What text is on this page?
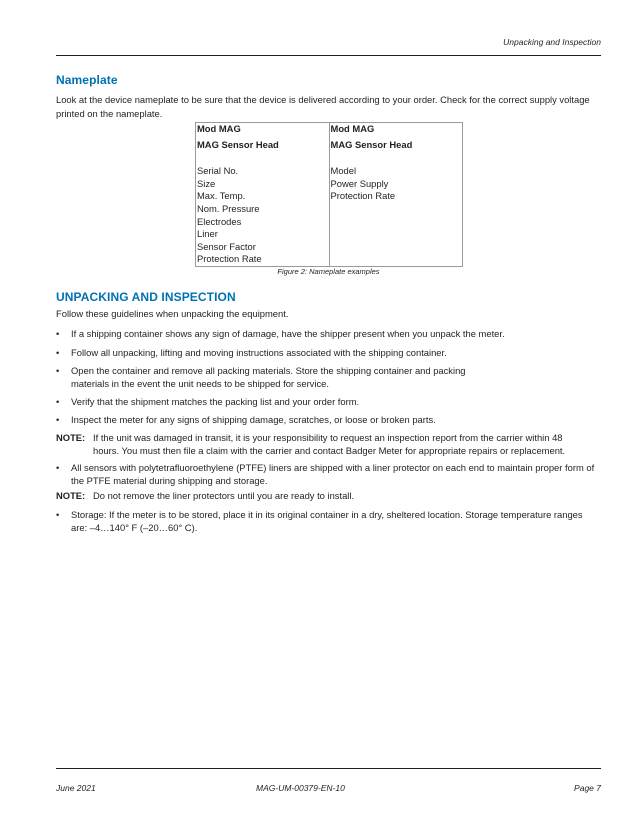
Unpacking and Inspection
Nameplate
Look at the device nameplate to be sure that the device is delivered according to your order. Check for the correct supply voltage printed on the nameplate.
Mod MAG
MAG Sensor Head
Serial No.
Size
Max. Temp.
Nom. Pressure
Electrodes
Liner
Sensor Factor
Protection Rate

Mod MAG
MAG Sensor Head
Model
Power Supply
Protection Rate
Figure 2: Nameplate examples
UNPACKING AND INSPECTION
Follow these guidelines when unpacking the equipment.
• If a shipping container shows any sign of damage, have the shipper present when you unpack the meter.
• Follow all unpacking, lifting and moving instructions associated with the shipping container.
• Open the container and remove all packing materials. Store the shipping container and packing materials in the event the unit needs to be shipped for service.
• Verify that the shipment matches the packing list and your order form.
• Inspect the meter for any signs of shipping damage, scratches, or loose or broken parts.
NOTE: If the unit was damaged in transit, it is your responsibility to request an inspection report from the carrier within 48
hours. You must then file a claim with the carrier and contact Badger Meter for appropriate repairs or replacement.
• All sensors with polytetrafluoroethylene (PTFE) liners are shipped with a liner protector on each end to maintain proper form of the PTFE material during shipping and storage.
NOTE: Do not remove the liner protectors until you are ready to install.
• Storage: If the meter is to be stored, place it in its original container in a dry, sheltered location. Storage temperature ranges are: –4…140° F (–20…60° C).
June 2021	MAG-UM-00379-EN-10	Page 7
